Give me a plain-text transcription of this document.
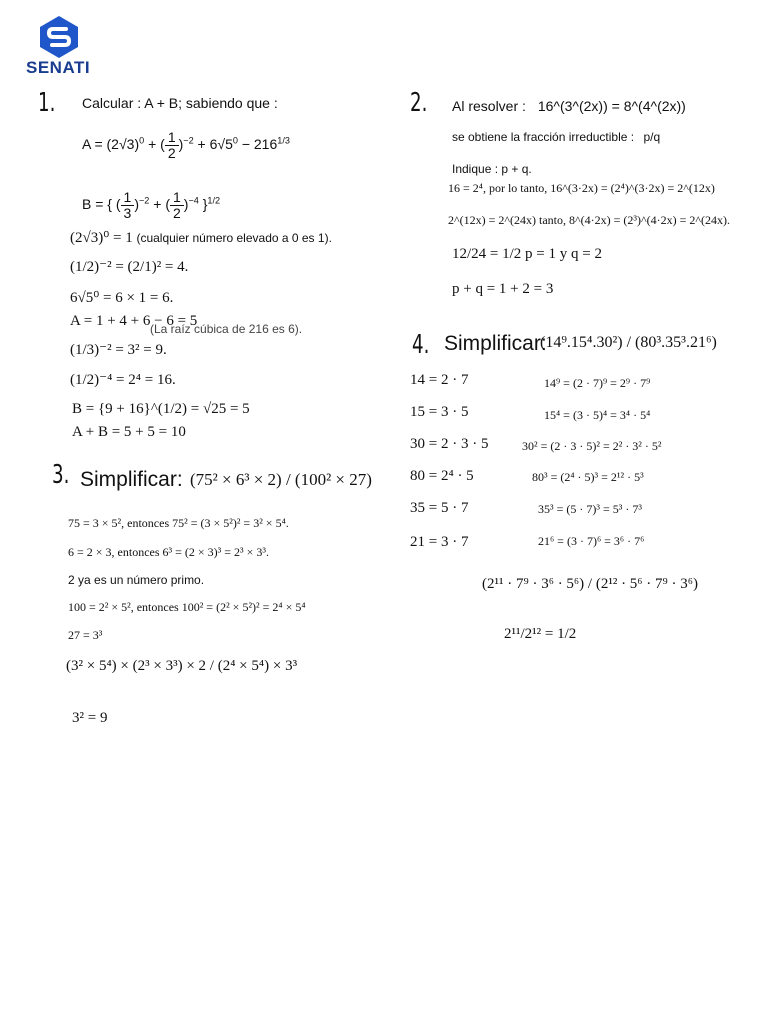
SENATI
1. Calcular : A + B; sabiendo que :
$A = (2√3)^0$ + ( $\frac{1}{2} )^{-2} + 6√5^0 - 216^{1/3}$
B = { ( $\frac{1}{3} )^{-2}$ + ( $\frac{1}{2} )^{-4}$ }$^{1/2}$
(2√3)⁰ = 1 (cualquier número elevado a 0 es 1).
(1/2)⁻² = (2/1)² = 4.
6√5⁰ = 6 × 1 = 6.
A = 1 + 4 + 6 − 6 = 5
(La raíz cúbica de 216 es 6).
(1/3)⁻² = 3² = 9.
(1/2)⁻⁴ = 2⁴ = 16.
B = {9 + 16}^(1/2) = √25 = 5
A + B = 5 + 5 = 10
2. Al resolver : 16^(3^(2x)) = 8^(4^(2x))
se obtiene la fracción irreductible : p/q
Indique : p + q.
16 = 2⁴, por lo tanto, 16^(3·2x) = (2⁴)^(3·2x) = 2^(12x)
2^(12x) = 2^(24x) tanto, 8^(4·2x) = (2³)^(4·2x) = 2^(24x).
12/24 = 1/2 p = 1 y q = 2
p + q = 1 + 2 = 3
3. Simplificar: (75² × 6³ × 2) / (100² × 27)
75 = 3 × 5², entonces 75² = (3 × 5²)² = 3² × 5⁴.
6 = 2 × 3, entonces 6³ = (2 × 3)³ = 2³ × 3³.
2 ya es un número primo.
100 = 2² × 5², entonces 100² = (2² × 5²)² = 2⁴ × 5⁴
27 = 3³
(3² × 5⁴) × (2³ × 3³) × 2 / (2⁴ × 5⁴) × 3³
3² = 9
4. Simplificar:
(14⁹.15⁴.30²) / (80³.35³.21⁶)
14 = 2 · 7
15 = 3 · 5
30 = 2 · 3 · 5
80 = 2⁴ · 5
35 = 5 · 7
21 = 3 · 7
14⁹ = (2 · 7)⁹ = 2⁹ · 7⁹
15⁴ = (3 · 5)⁴ = 3⁴ · 5⁴
30² = (2 · 3 · 5)² = 2² · 3² · 5²
80³ = (2⁴ · 5)³ = 2¹² · 5³
35³ = (5 · 7)³ = 5³ · 7³
21⁶ = (3 · 7)⁶ = 3⁶ · 7⁶
(2¹¹ · 7⁹ · 3⁶ · 5⁶) / (2¹² · 5⁶ · 7⁹ · 3⁶)
2¹¹/2¹² = 1/2
